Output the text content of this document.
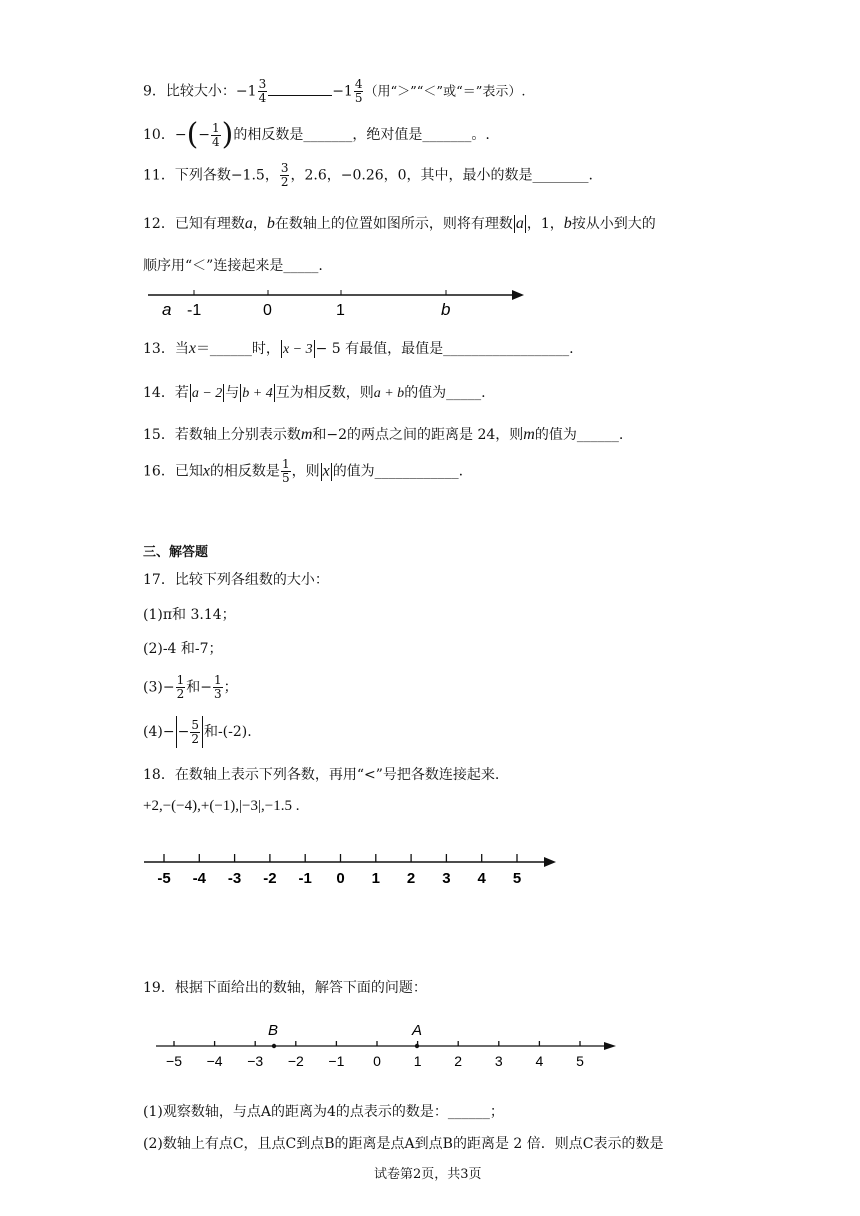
9．比较大小：$-1 \frac{3}{4}$	$-1 \frac{4}{5}$ （用“＞”“＜”或“＝”表示）.
10．−(− $\frac{1}{4}$ )的相反数是_______，绝对值是_______。.
11．下列各数−1.5， $\frac{3}{2}$ ，2.6，−0.26，0，其中，最小的数是________.
12．已知有理数a，b在数轴上的位置如图所示，则将有理数 a ，1，b按从小到大的
顺序用“＜”连接起来是_____.
a -1	0	1	b
13．当x＝______时， x − 3 − 5 有最值，最值是__________________.
14．若 a − 2 与 b + 4 互为相反数，则a + b的值为_____.
15．若数轴上分别表示数m和−2的两点之间的距离是 24，则m的值为______.
16．已知x的相反数是 $\frac{1}{5}$ ，则 x 的值为____________.
三、解答题
17．比较下列各组数的大小：
(1)π和 3.14；
(2)-4 和-7；
$(3)- \frac{1}{2}$ 和− $\frac{1}{3}$ ；
$(4)- - \frac{5}{2}$ 和-(-2).
18．在数轴上表示下列各数，再用“<”号把各数连接起来.
+2,−(−4),+(−1),|−3|,−1.5 .
-5 -4 -3 -2 -1 0 1 2 3 4 5
19．根据下面给出的数轴，解答下面的问题：
−5 −4 −3 −2 −1 0 1 2 3 4 5
B	A
(1)观察数轴，与点A的距离为4的点表示的数是：______；
(2)数轴上有点C，且点C到点B的距离是点A到点B的距离是 2 倍．则点C表示的数是
试卷第2页，共3页
